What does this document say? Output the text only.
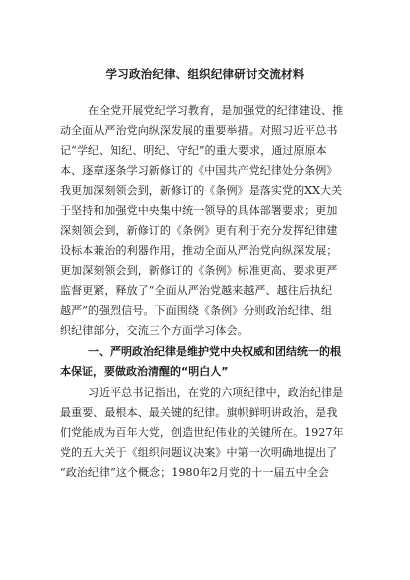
学习政治纪律、组织纪律研讨交流材料
在全党开展党纪学习教育，是加强党的纪律建设、推
动全面从严治党向纵深发展的重要举措。对照习近平总书
记“学纪、知纪、明纪、守纪”的重大要求，通过原原本
本、逐章逐条学习新修订的《中国共产党纪律处分条例》
我更加深刻领会到，新修订的《条例》是落实党的XX大关
于坚持和加强党中央集中统一领导的具体部署要求；更加
深刻领会到，新修订的《条例》更有利于充分发挥纪律建
设标本兼治的利器作用，推动全面从严治党向纵深发展；
更加深刻领会到，新修订的《条例》标准更高、要求更严
监督更紧，释放了“全面从严治党越来越严、越往后执纪
越严”的强烈信号。下面围绕《条例》分则政治纪律、组
织纪律部分，交流三个方面学习体会。
一、严明政治纪律是维护党中央权威和团结统一的根
本保证，要做政治清醒的“明白人”
习近平总书记指出，在党的六项纪律中，政治纪律是
最重要、最根本、最关键的纪律。旗帜鲜明讲政治，是我
们党能成为百年大党，创造世纪伟业的关键所在。1927年
党的五大关于《组织问题议决案》中第一次明确地提出了
“政治纪律”这个概念；1980年2月党的十一届五中全会
